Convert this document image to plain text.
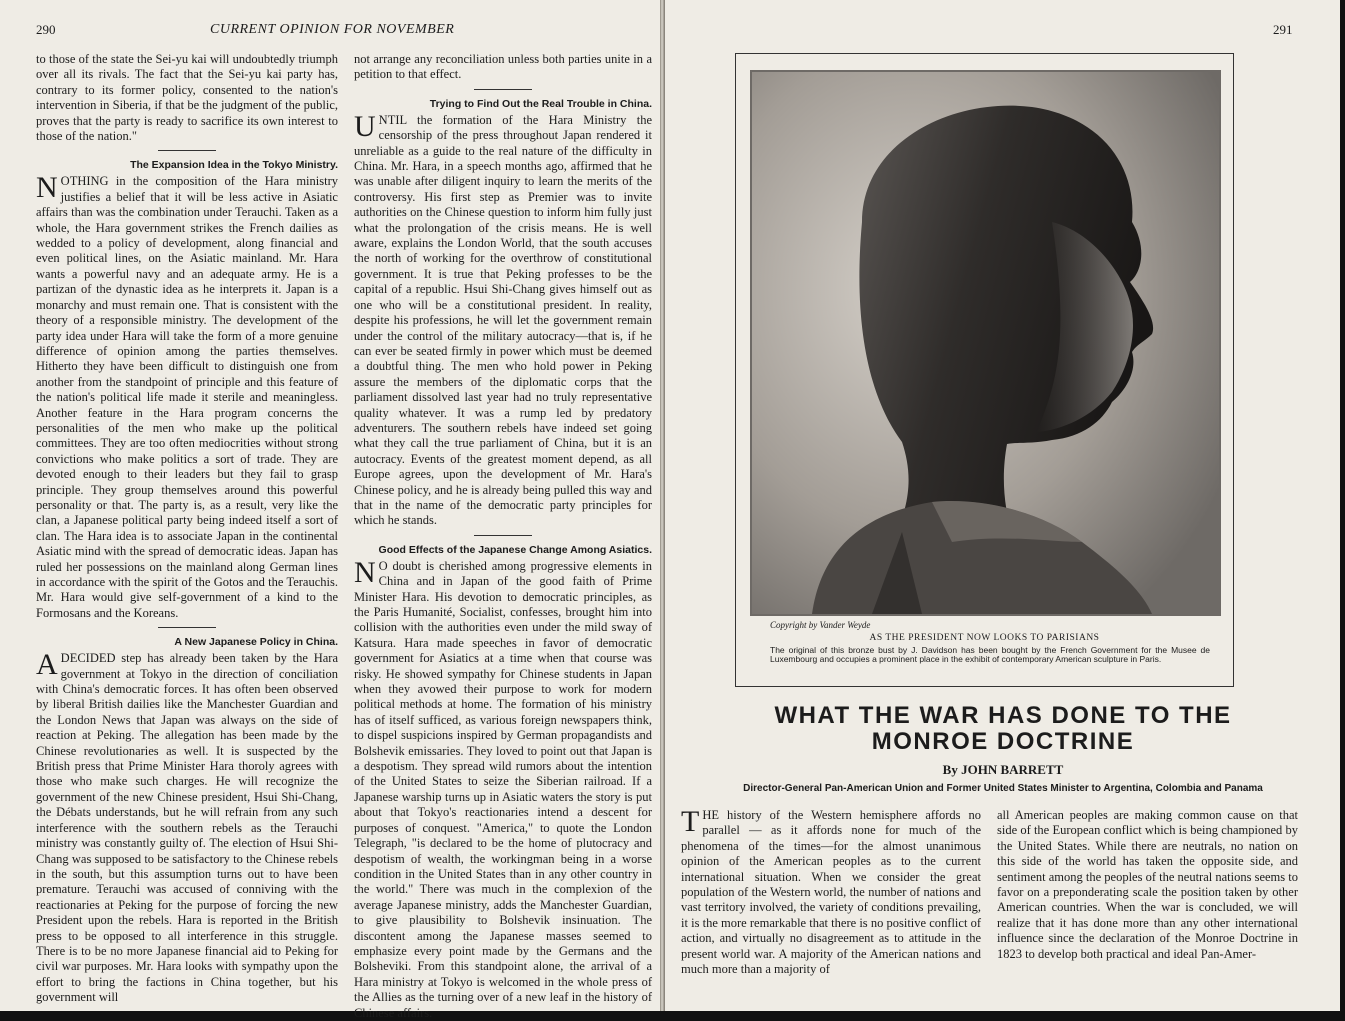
290	CURRENT OPINION FOR NOVEMBER

to those of the state the Sei-yu kai will undoubtedly triumph over all its rivals. The fact that the Sei-yu kai party has, contrary to its former policy, consented to the nation's intervention in Siberia, if that be the judgment of the public, proves that the party is ready to sacrifice its own interest to those of the nation."

The Expansion Idea in the Tokyo Ministry.

NOTHING in the composition of the Hara ministry justifies a belief that it will be less active in Asiatic affairs than was the combination under Terauchi. Taken as a whole, the Hara government strikes the French dailies as wedded to a policy of development, along financial and even political lines, on the Asiatic mainland. Mr. Hara wants a powerful navy and an adequate army. He is a partizan of the dynastic idea as he interprets it. Japan is a monarchy and must remain one. That is consistent with the theory of a responsible ministry. The development of the party idea under Hara will take the form of a more genuine difference of opinion among the parties themselves. Hitherto they have been difficult to distinguish one from another from the standpoint of principle and this feature of the nation's political life made it sterile and meaningless. Another feature in the Hara program concerns the personalities of the men who make up the political committees. They are too often mediocrities without strong convictions who make politics a sort of trade. They are devoted enough to their leaders but they fail to grasp principle. They group themselves around this powerful personality or that. The party is, as a result, very like the clan, a Japanese political party being indeed itself a sort of clan. The Hara idea is to associate Japan in the continental Asiatic mind with the spread of democratic ideas. Japan has ruled her possessions on the mainland along German lines in accordance with the spirit of the Gotos and the Terauchis. Mr. Hara would give self-government of a kind to the Formosans and the Koreans.

A New Japanese Policy in China.

ADECIDED step has already been taken by the Hara government at Tokyo in the direction of conciliation with China's democratic forces. It has often been observed by liberal British dailies like the Manchester Guardian and the London News that Japan was always on the side of reaction at Peking. The allegation has been made by the Chinese revolutionaries as well. It is suspected by the British press that Prime Minister Hara thoroly agrees with those who make such charges. He will recognize the government of the new Chinese president, Hsui Shi-Chang, the Débats understands, but he will refrain from any such interference with the southern rebels as the Terauchi ministry was constantly guilty of. The election of Hsui Shi-Chang was supposed to be satisfactory to the Chinese rebels in the south, but this assumption turns out to have been premature. Terauchi was accused of conniving with the reactionaries at Peking for the purpose of forcing the new President upon the rebels. Hara is reported in the British press to be opposed to all interference in this struggle. There is to be no more Japanese financial aid to Peking for civil war purposes. Mr. Hara looks with sympathy upon the effort to bring the factions in China together, but his government will

not arrange any reconciliation unless both parties unite in a petition to that effect.

Trying to Find Out the Real Trouble in China.

UNTIL the formation of the Hara Ministry the censorship of the press throughout Japan rendered it unreliable as a guide to the real nature of the difficulty in China. Mr. Hara, in a speech months ago, affirmed that he was unable after diligent inquiry to learn the merits of the controversy. His first step as Premier was to invite authorities on the Chinese question to inform him fully just what the prolongation of the crisis means. He is well aware, explains the London World, that the south accuses the north of working for the overthrow of constitutional government. It is true that Peking professes to be the capital of a republic. Hsui Shi-Chang gives himself out as one who will be a constitutional president. In reality, despite his professions, he will let the government remain under the control of the military autocracy—that is, if he can ever be seated firmly in power which must be deemed a doubtful thing. The men who hold power in Peking assure the members of the diplomatic corps that the parliament dissolved last year had no truly representative quality whatever. It was a rump led by predatory adventurers. The southern rebels have indeed set going what they call the true parliament of China, but it is an autocracy. Events of the greatest moment depend, as all Europe agrees, upon the development of Mr. Hara's Chinese policy, and he is already being pulled this way and that in the name of the democratic party principles for which he stands.

Good Effects of the Japanese Change Among Asiatics.

N O doubt is cherished among progressive elements in China and in Japan of the good faith of Prime Minister Hara. His devotion to democratic principles, as the Paris Humanité, Socialist, confesses, brought him into collision with the authorities even under the mild sway of Katsura. Hara made speeches in favor of democratic government for Asiatics at a time when that course was risky. He showed sympathy for Chinese students in Japan when they avowed their purpose to work for modern political methods at home. The formation of his ministry has of itself sufficed, as various foreign newspapers think, to dispel suspicions inspired by German propagandists and Bolshevik emissaries. They loved to point out that Japan is a despotism. They spread wild rumors about the intention of the United States to seize the Siberian railroad. If a Japanese warship turns up in Asiatic waters the story is put about that Tokyo's reactionaries intend a descent for purposes of conquest. "America," to quote the London Telegraph, "is declared to be the home of plutocracy and despotism of wealth, the workingman being in a worse condition in the United States than in any other country in the world." There was much in the complexion of the average Japanese ministry, adds the Manchester Guardian, to give plausibility to Bolshevik insinuation. The discontent among the Japanese masses seemed to emphasize every point made by the Germans and the Bolsheviki. From this standpoint alone, the arrival of a Hara ministry at Tokyo is welcomed in the whole press of the Allies as the turning over of a new leaf in the history of Chinese affairs.

291
Copyright by Vander Weyde
AS THE PRESIDENT NOW LOOKS TO PARISIANS
The original of this bronze bust by J. Davidson has been bought by the French Government for the Musee de Luxembourg and occupies a prominent place in the exhibit of contemporary American sculpture in Paris.
WHAT THE WAR HAS DONE TO THE
MONROE DOCTRINE
By JOHN BARRETT
Director-General Pan-American Union and Former United States Minister to Argentina, Colombia and Panama

THE history of the Western hemisphere affords no parallel — as it affords none for much of the phenomena of the times—for the almost unanimous opinion of the American peoples as to the current international situation. When we consider the great population of the Western world, the number of nations and vast territory involved, the variety of conditions prevailing, it is the more remarkable that there is no positive conflict of action, and virtually no disagreement as to attitude in the present world war. A majority of the American nations and much more than a majority of

all American peoples are making common cause on that side of the European conflict which is being championed by the United States. While there are neutrals, no nation on this side of the world has taken the opposite side, and sentiment among the peoples of the neutral nations seems to favor on a preponderating scale the position taken by other American countries. When the war is concluded, we will realize that it has done more than any other international influence since the declaration of the Monroe Doctrine in 1823 to develop both practical and ideal Pan-Amer-
